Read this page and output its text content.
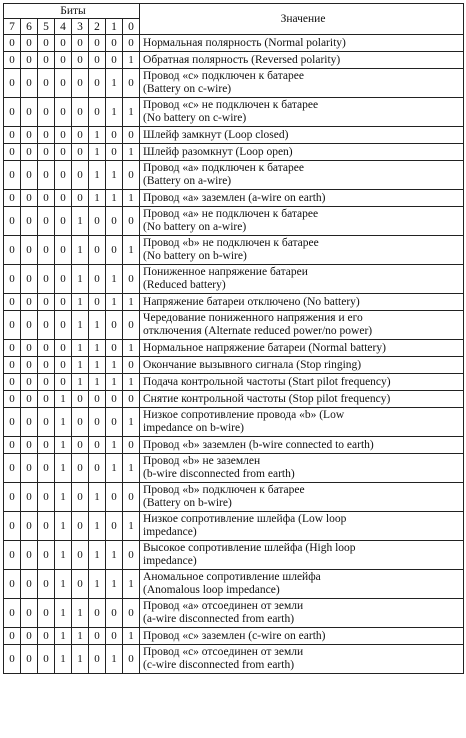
Биты								Значение
7	6	5	4	3	2	1	0	
0	0	0	0	0	0	0	0	Нормальная полярность (Normal polarity)

0	0	0	0	0	0	0	1	Обратная полярность (Reversed polarity)

0	0	0	0	0	0	1	0	Провод «с» подключен к батарее
(Battery on c-wire)

0	0	0	0	0	0	1	1	Провод «с» не подключен к батарее
(No battery on c-wire)

0	0	0	0	0	1	0	0	Шлейф замкнут (Loop closed)

0	0	0	0	0	1	0	1	Шлейф разомкнут (Loop open)

0	0	0	0	0	1	1	0	Провод «а» подключен к батарее
(Battery on a-wire)

0	0	0	0	0	1	1	1	Провод «а» заземлен (a-wire on earth)

0	0	0	0	1	0	0	0	Провод «а» не подключен к батарее
(No battery on a-wire)

0	0	0	0	1	0	0	1	Провод «b» не подключен к батарее
(No battery on b-wire)

0	0	0	0	1	0	1	0	Пониженное напряжение батареи
(Reduced battery)

0	0	0	0	1	0	1	1	Напряжение батареи отключено (No battery)

0	0	0	0	1	1	0	0	Чередование пониженного напряжения и его
отключения (Alternate reduced power/no power)

0	0	0	0	1	1	0	1	Нормальное напряжение батареи (Normal battery)

0	0	0	0	1	1	1	0	Окончание вызывного сигнала (Stop ringing)

0	0	0	0	1	1	1	1	Подача контрольной частоты (Start pilot frequency)

0	0	0	1	0	0	0	0	Снятие контрольной частоты (Stop pilot frequency)

0	0	0	1	0	0	0	1	Низкое сопротивление провода «b» (Low
impedance on b-wire)

0	0	0	1	0	0	1	0	Провод «b» заземлен (b-wire connected to earth)

0	0	0	1	0	0	1	1	Провод «b» не заземлен
(b-wire disconnected from earth)

0	0	0	1	0	1	0	0	Провод «b» подключен к батарее
(Battery on b-wire)

0	0	0	1	0	1	0	1	Низкое сопротивление шлейфа (Low loop
impedance)

0	0	0	1	0	1	1	0	Высокое сопротивление шлейфа (High loop
impedance)

0	0	0	1	0	1	1	1	Аномальное сопротивление шлейфа
(Anomalous loop impedance)

0	0	0	1	1	0	0	0	Провод «а» отсоединен от земли
(a-wire disconnected from earth)

0	0	0	1	1	0	0	1	Провод «с» заземлен (c-wire on earth)

0	0	0	1	1	0	1	0	Провод «с» отсоединен от земли
(c-wire disconnected from earth)
